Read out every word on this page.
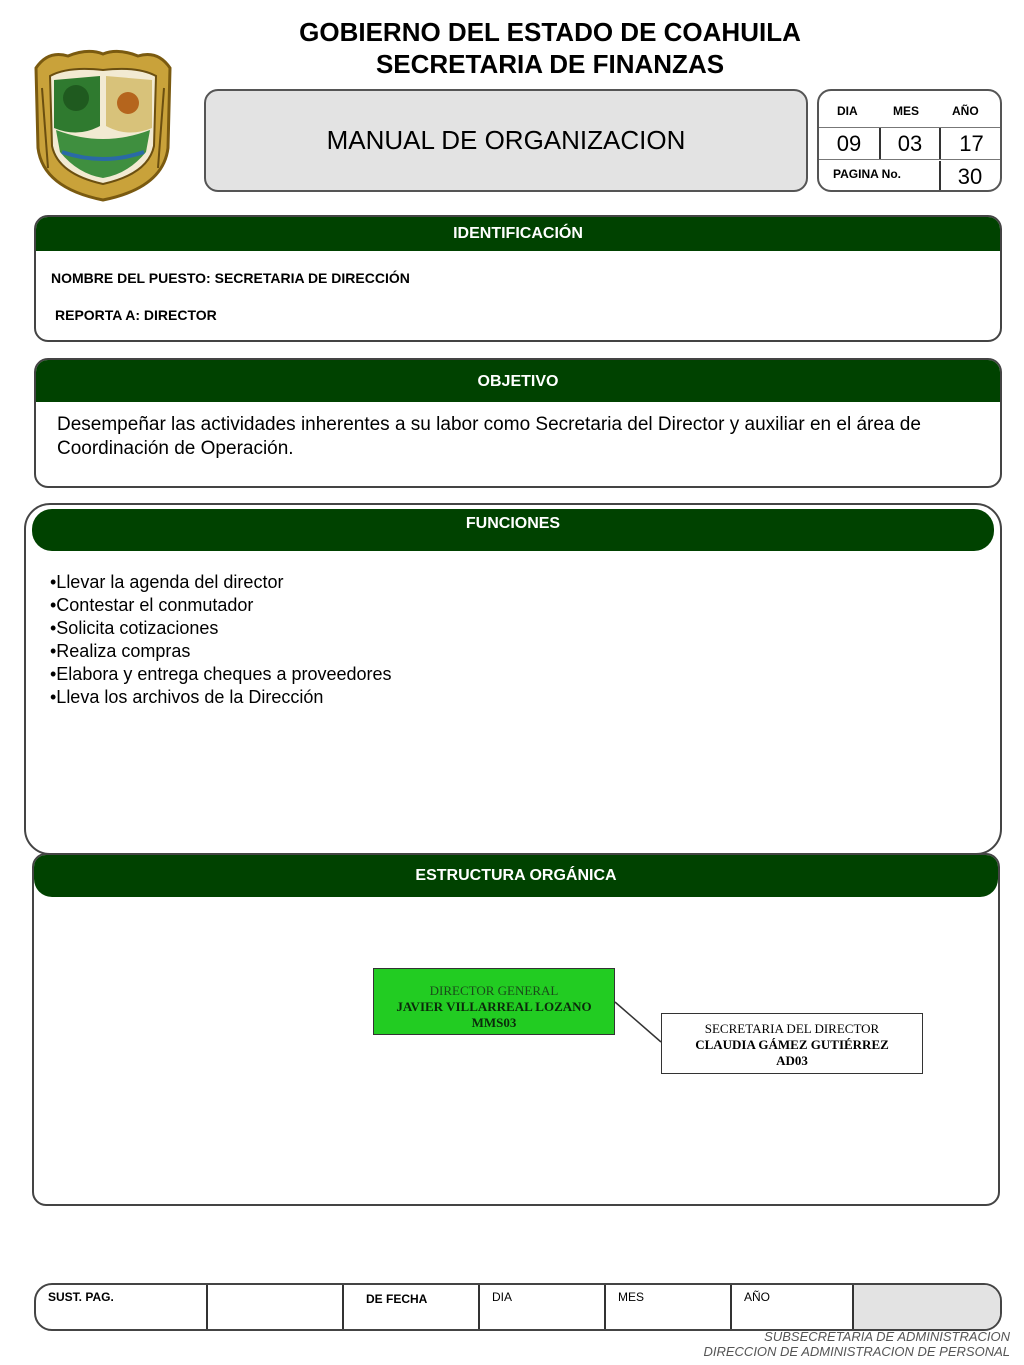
GOBIERNO DEL ESTADO DE COAHUILA
SECRETARIA DE FINANZAS
MANUAL DE ORGANIZACION
DIA	MES	AÑO
09	03	17
PAGINA No.	30
IDENTIFICACIÓN
NOMBRE DEL PUESTO: SECRETARIA DE DIRECCIÓN
REPORTA A: DIRECTOR
OBJETIVO
Desempeñar las actividades inherentes a su labor como Secretaria del Director y auxiliar en el área de Coordinación de Operación.
FUNCIONES
•Llevar la agenda del director
•Contestar el conmutador
•Solicita cotizaciones
•Realiza compras
•Elabora y entrega cheques a proveedores
•Lleva los archivos de la Dirección
ESTRUCTURA ORGÁNICA
DIRECTOR GENERAL
JAVIER VILLARREAL LOZANO
MMS03	SECRETARIA DEL DIRECTOR
CLAUDIA GÁMEZ GUTIÉRREZ
AD03
SUST. PAG.	DE FECHA	DIA	MES	AÑO
SUBSECRETARIA DE ADMINISTRACION
DIRECCION DE ADMINISTRACION DE PERSONAL
